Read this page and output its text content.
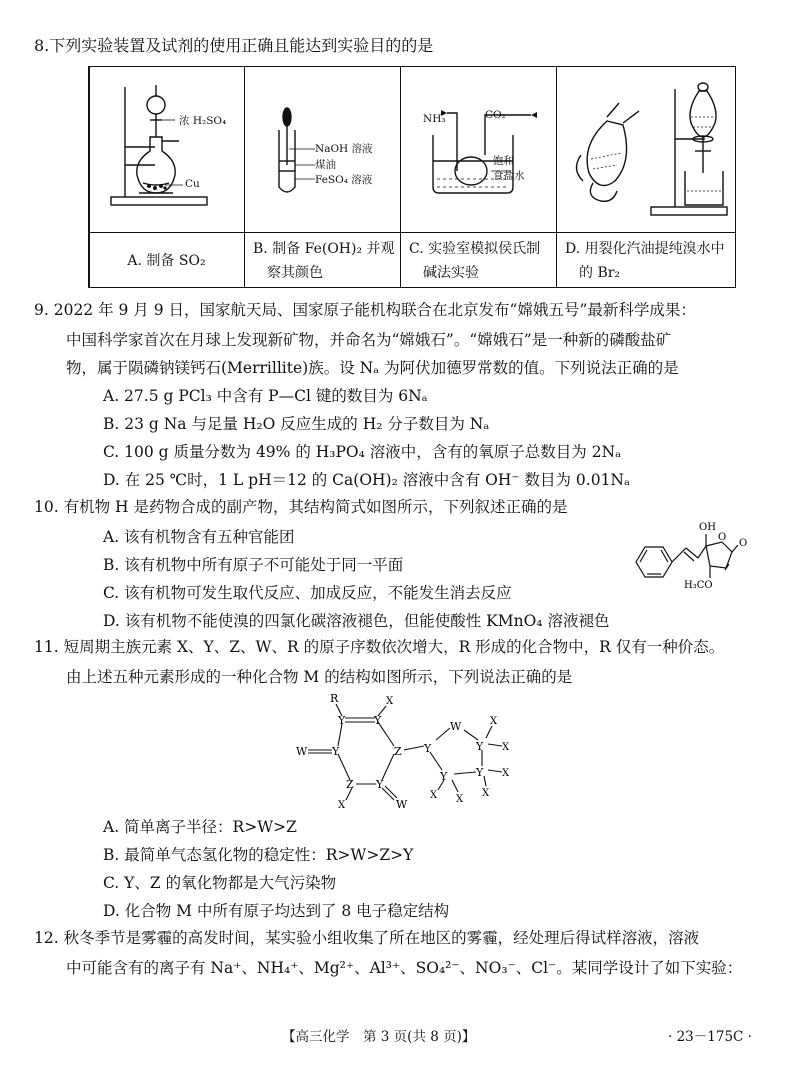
8.下列实验装置及试剂的使用正确且能达到实验目的的是
浓 H₂SO₄
Cu
NaOH 溶液
煤油
FeSO₄ 溶液
NH₃	CO₂
饱和
食盐水
A. 制备 SO₂
B. 制备 Fe(OH)₂ 并观
察其颜色
C. 实验室模拟侯氏制
碱法实验
D. 用裂化汽油提纯溴水中
的 Br₂
9. 2022 年 9 月 9 日，国家航天局、国家原子能机构联合在北京发布“嫦娥五号”最新科学成果：
中国科学家首次在月球上发现新矿物，并命名为“嫦娥石”。“嫦娥石”是一种新的磷酸盐矿
物，属于陨磷钠镁钙石(Merrillite)族。设 Nₐ 为阿伏加德罗常数的值。下列说法正确的是
A. 27.5 g PCl₃ 中含有 P—Cl 键的数目为 6Nₐ
B. 23 g Na 与足量 H₂O 反应生成的 H₂ 分子数目为 Nₐ
C. 100 g 质量分数为 49% 的 H₃PO₄ 溶液中，含有的氧原子总数目为 2Nₐ
D. 在 25 ℃时，1 L pH＝12 的 Ca(OH)₂ 溶液中含有 OH⁻ 数目为 0.01Nₐ
10. 有机物 H 是药物合成的副产物，其结构简式如图所示，下列叙述正确的是
A. 该有机物含有五种官能团
B. 该有机物中所有原子不可能处于同一平面
C. 该有机物可发生取代反应、加成反应，不能发生消去反应
D. 该有机物不能使溴的四氯化碳溶液褪色，但能使酸性 KMnO₄ 溶液褪色
OH
O
O
H₃CO
11. 短周期主族元素 X、Y、Z、W、R 的原子序数依次增大，R 形成的化合物中，R 仅有一种价态。
由上述五种元素形成的一种化合物 M 的结构如图所示，下列说法正确的是
R
Y	Y
X
W Y	Z
Z Y
X	W
Y
W
Y
Y
Y
X
X
X
X
X X
A. 简单离子半径：R>W>Z
B. 最简单气态氢化物的稳定性：R>W>Z>Y
C. Y、Z 的氧化物都是大气污染物
D. 化合物 M 中所有原子均达到了 8 电子稳定结构
12. 秋冬季节是雾霾的高发时间，某实验小组收集了所在地区的雾霾，经处理后得试样溶液，溶液
中可能含有的离子有 Na⁺、NH₄⁺、Mg²⁺、Al³⁺、SO₄²⁻、NO₃⁻、Cl⁻。某同学设计了如下实验：
【高三化学　第 3 页(共 8 页)】	· 23－175C ·
